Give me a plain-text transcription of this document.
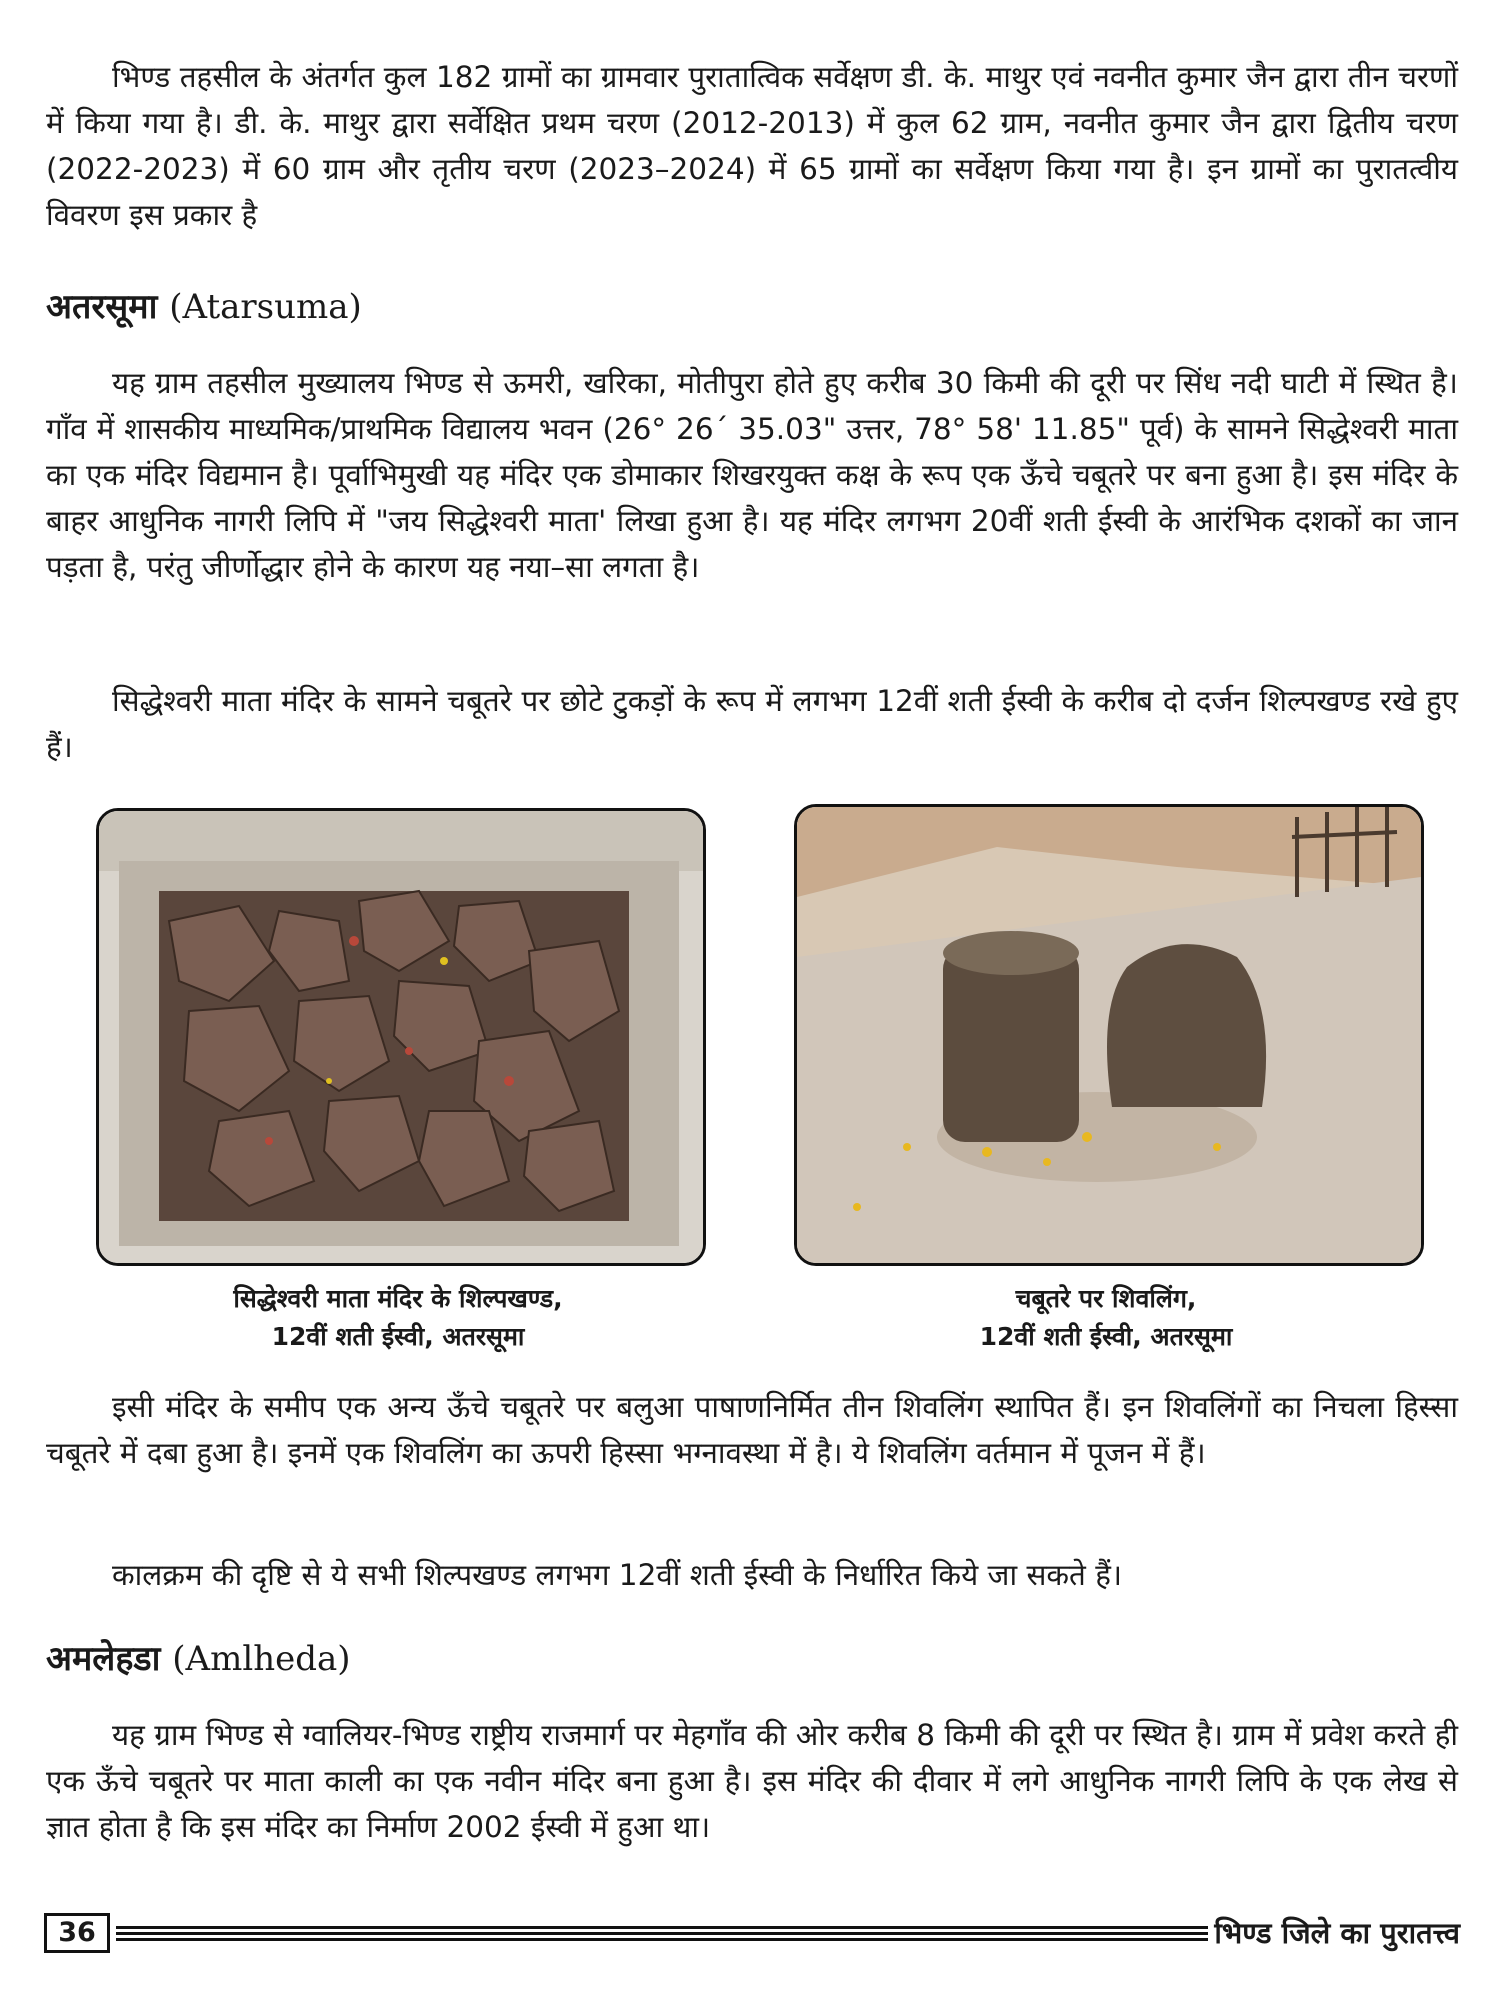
भिण्ड तहसील के अंतर्गत कुल 182 ग्रामों का ग्रामवार पुरातात्विक सर्वेक्षण डी. के. माथुर एवं नवनीत कुमार जैन द्वारा तीन चरणों में किया गया है। डी. के. माथुर द्वारा सर्वेक्षित प्रथम चरण (2012-2013) में कुल 62 ग्राम, नवनीत कुमार जैन द्वारा द्वितीय चरण (2022-2023) में 60 ग्राम और तृतीय चरण (2023–2024) में 65 ग्रामों का सर्वेक्षण किया गया है। इन ग्रामों का पुरातत्वीय विवरण इस प्रकार है

अतरसूमा (Atarsuma)

यह ग्राम तहसील मुख्यालय भिण्ड से ऊमरी, खरिका, मोतीपुरा होते हुए करीब 30 किमी की दूरी पर सिंध नदी घाटी में स्थित है। गाँव में शासकीय माध्यमिक/प्राथमिक विद्यालय भवन (26° 26´ 35.03" उत्तर, 78° 58' 11.85" पूर्व) के सामने सिद्धेश्वरी माता का एक मंदिर विद्यमान है। पूर्वाभिमुखी यह मंदिर एक डोमाकार शिखरयुक्त कक्ष के रूप एक ऊँचे चबूतरे पर बना हुआ है। इस मंदिर के बाहर आधुनिक नागरी लिपि में "जय सिद्धेश्वरी माता' लिखा हुआ है। यह मंदिर लगभग 20वीं शती ईस्वी के आरंभिक दशकों का जान पड़ता है, परंतु जीर्णोद्धार होने के कारण यह नया–सा लगता है।

सिद्धेश्वरी माता मंदिर के सामने चबूतरे पर छोटे टुकड़ों के रूप में लगभग 12वीं शती ईस्वी के करीब दो दर्जन शिल्पखण्ड रखे हुए हैं।

सिद्धेश्वरी माता मंदिर के शिल्पखण्ड,
12वीं शती ईस्वी, अतरसूमा

चबूतरे पर शिवलिंग,
12वीं शती ईस्वी, अतरसूमा

इसी मंदिर के समीप एक अन्य ऊँचे चबूतरे पर बलुआ पाषाणनिर्मित तीन शिवलिंग स्थापित हैं। इन शिवलिंगों का निचला हिस्सा चबूतरे में दबा हुआ है। इनमें एक शिवलिंग का ऊपरी हिस्सा भग्नावस्था में है। ये शिवलिंग वर्तमान में पूजन में हैं।

कालक्रम की दृष्टि से ये सभी शिल्पखण्ड लगभग 12वीं शती ईस्वी के निर्धारित किये जा सकते हैं।

अमलेहडा (Amlheda)

यह ग्राम भिण्ड से ग्वालियर-भिण्ड राष्ट्रीय राजमार्ग पर मेहगाँव की ओर करीब 8 किमी की दूरी पर स्थित है। ग्राम में प्रवेश करते ही एक ऊँचे चबूतरे पर माता काली का एक नवीन मंदिर बना हुआ है। इस मंदिर की दीवार में लगे आधुनिक नागरी लिपि के एक लेख से ज्ञात होता है कि इस मंदिर का निर्माण 2002 ईस्वी में हुआ था।

36	भिण्ड जिले का पुरातत्त्व
